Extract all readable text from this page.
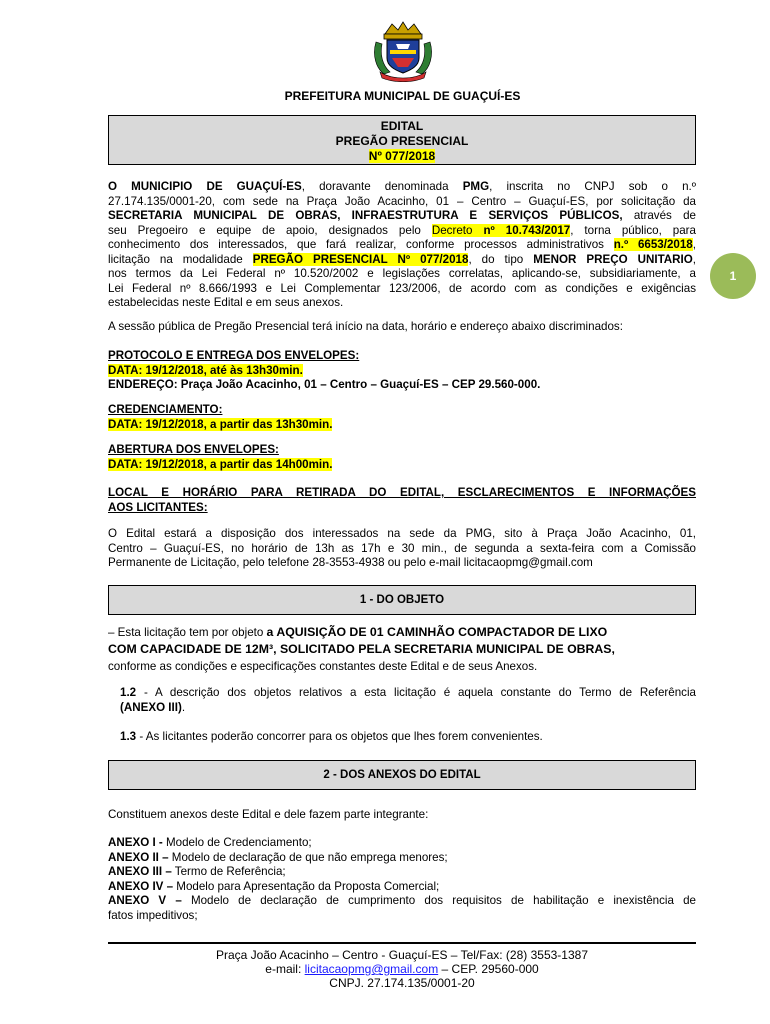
PREFEITURA MUNICIPAL DE GUAÇUÍ-ES
EDITAL
PREGÃO PRESENCIAL
Nº 077/2018
O MUNICIPIO DE GUAÇUÍ-ES, doravante denominada PMG, inscrita no CNPJ sob o n.º
27.174.135/0001-20, com sede na Praça João Acacinho, 01 – Centro – Guaçuí-ES, por solicitação da
SECRETARIA MUNICIPAL DE OBRAS, INFRAESTRUTURA E SERVIÇOS PÚBLICOS, através de
seu Pregoeiro e equipe de apoio, designados pelo Decreto nº 10.743/2017, torna público, para
conhecimento dos interessados, que fará realizar, conforme processos administrativos n.º 6653/2018,
licitação na modalidade PREGÃO PRESENCIAL Nº 077/2018, do tipo MENOR PREÇO UNITARIO,
nos termos da Lei Federal nº 10.520/2002 e legislações correlatas, aplicando-se, subsidiariamente, a
Lei Federal nº 8.666/1993 e Lei Complementar 123/2006, de acordo com as condições e exigências
estabelecidas neste Edital e em seus anexos.
1
A sessão pública de Pregão Presencial terá início na data, horário e endereço abaixo discriminados:
PROTOCOLO E ENTREGA DOS ENVELOPES:
DATA: 19/12/2018, até às 13h30min.
ENDEREÇO: Praça João Acacinho, 01 – Centro – Guaçuí-ES – CEP 29.560-000.
CREDENCIAMENTO:
DATA: 19/12/2018, a partir das 13h30min.
ABERTURA DOS ENVELOPES:
DATA: 19/12/2018, a partir das 14h00min.
LOCAL E HORÁRIO PARA RETIRADA DO EDITAL, ESCLARECIMENTOS E INFORMAÇÕES
AOS LICITANTES:
O Edital estará a disposição dos interessados na sede da PMG, sito à Praça João Acacinho, 01,
Centro – Guaçuí-ES, no horário de 13h as 17h e 30 min., de segunda a sexta-feira com a Comissão
Permanente de Licitação, pelo telefone 28-3553-4938 ou pelo e-mail licitacaopmg@gmail.com
1 - DO OBJETO
– Esta licitação tem por objeto a AQUISIÇÃO DE 01 CAMINHÃO COMPACTADOR DE LIXO
COM CAPACIDADE DE 12M³, SOLICITADO PELA SECRETARIA MUNICIPAL DE OBRAS,
conforme as condições e especificações constantes deste Edital e de seus Anexos.
1.2 - A descrição dos objetos relativos a esta licitação é aquela constante do Termo de Referência
(ANEXO III).
1.3 - As licitantes poderão concorrer para os objetos que lhes forem convenientes.
2 - DOS ANEXOS DO EDITAL
Constituem anexos deste Edital e dele fazem parte integrante:
ANEXO I - Modelo de Credenciamento;
ANEXO II – Modelo de declaração de que não emprega menores;
ANEXO III – Termo de Referência;
ANEXO IV – Modelo para Apresentação da Proposta Comercial;
ANEXO V – Modelo de declaração de cumprimento dos requisitos de habilitação e inexistência de
fatos impeditivos;
Praça João Acacinho – Centro - Guaçuí-ES – Tel/Fax: (28) 3553-1387
e-mail: licitacaopmg@gmail.com – CEP. 29560-000
CNPJ. 27.174.135/0001-20
